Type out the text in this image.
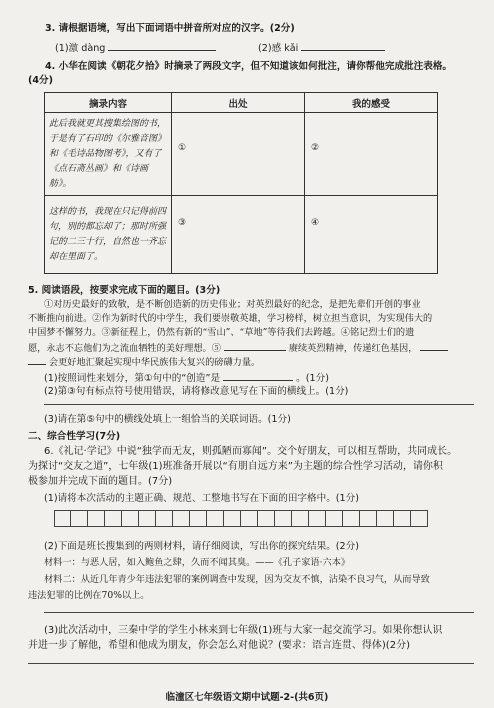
3. 请根据语境，写出下面词语中拼音所对应的汉字。(2分)
(1)激 dàng	(2)感 kǎi
4. 小华在阅读《朝花夕拾》时摘录了两段文字，但不知道该如何批注，请你帮他完成批注表格。
(4分)
摘录内容	出处	我的感受
此后我就更其搜集绘图的书，于是有了石印的《尔雅音图》和《毛诗品物图考》，又有了《点石斋丛画》和《诗画舫》。	①	②
这样的书，我现在只记得前四句，别的都忘却了；那时所强记的二三十行，自然也一齐忘却在里面了。	③	④
5. 阅读语段，按要求完成下面的题目。(3分)
①对历史最好的致敬，是不断创造新的历史伟业；对英烈最好的纪念，是把先辈们开创的事业
不断推向前进。②作为新时代的中学生，我们要崇敬英雄，学习榜样，树立担当意识，为实现伟大的
中国梦不懈努力。③新征程上，仍然有新的“雪山”、“草地”等待我们去跨越。④铭记烈士们的遗
愿，永志不忘他们为之流血牺牲的美好理想。⑤	赓续英烈精神，传递红色基因，
会更好地汇聚起实现中华民族伟大复兴的磅礴力量。
(1)按照词性来划分，第①句中的“创造”是	。(1分)
(2)第③句有标点符号使用错误，请将修改意见写在下面的横线上。(1分)
(3)请在第⑤句中的横线处填上一组恰当的关联词语。(1分)
二、综合性学习(7分)
6.《礼记·学记》中说“独学而无友，则孤陋而寡闻”。交个好朋友，可以相互帮助，共同成长。
为探讨“交友之道”，七年级(1)班准备开展以“有朋自远方来”为主题的综合性学习活动，请你积
极参加并完成下面的题目。(7分)
(1)请将本次活动的主题正确、规范、工整地书写在下面的田字格中。(1分)
(2)下面是班长搜集到的两则材料，请仔细阅读，写出你的探究结果。(2分)
材料一：与恶人居，如入鲍鱼之肆，久而不闻其臭。——《孔子家语·六本》
材料二：从近几年青少年违法犯罪的案例调查中发现，因为交友不慎，沾染不良习气，从而导致
违法犯罪的比例在70%以上。
(3)此次活动中，三秦中学的学生小林来到七年级(1)班与大家一起交流学习。如果你想认识
并进一步了解他，希望和他成为朋友，你会怎么对他说？(要求：语言连贯、得体)(2分)
临潼区七年级语文期中试题-2-(共6页)
